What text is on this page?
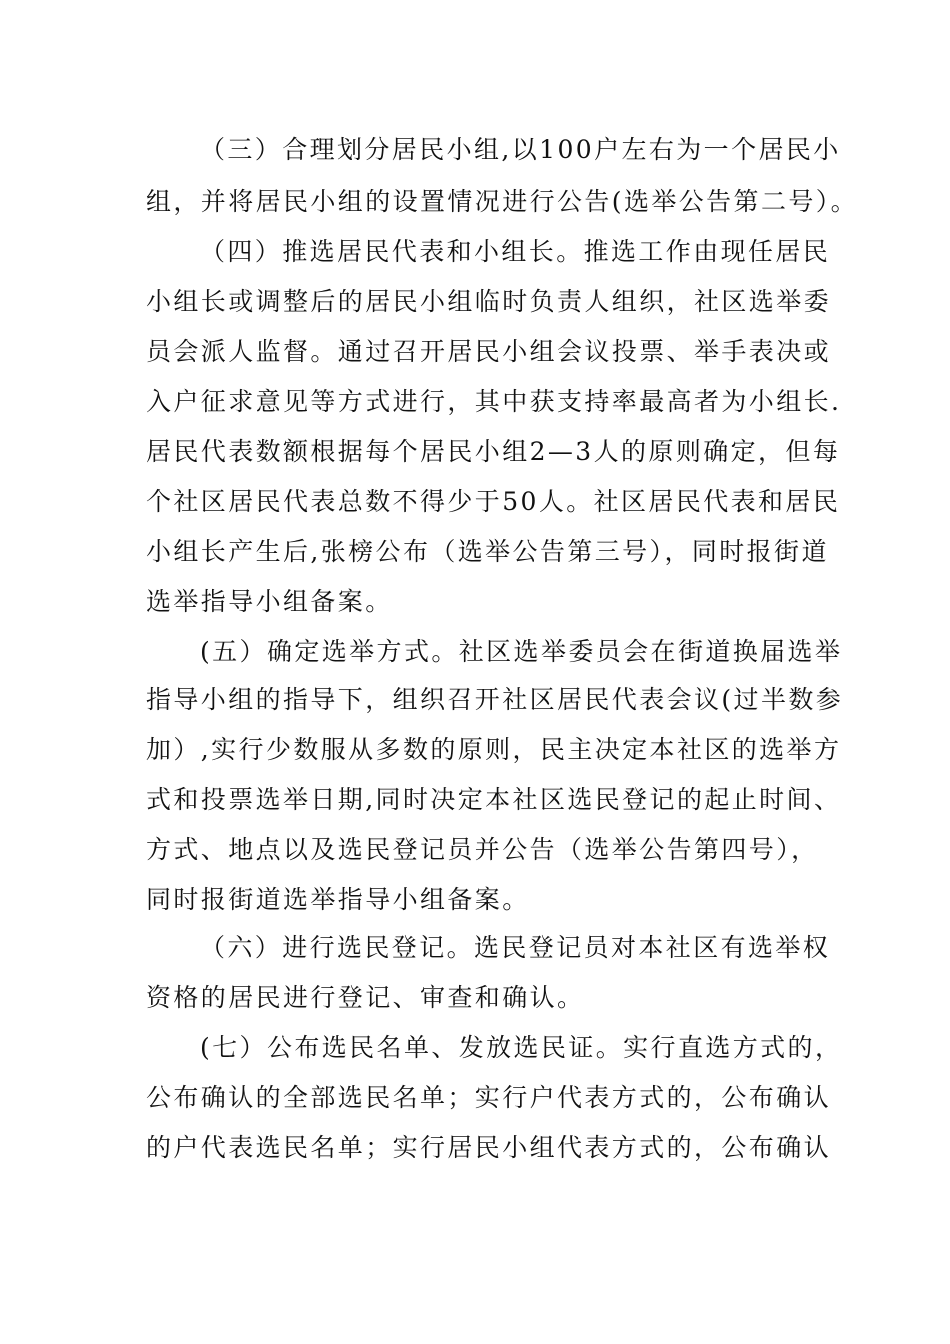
（三）合理划分居民小组,以100户左右为一个居民小
组，并将居民小组的设置情况进行公告(选举公告第二号）。
（四）推选居民代表和小组长。推选工作由现任居民
小组长或调整后的居民小组临时负责人组织，社区选举委
员会派人监督。通过召开居民小组会议投票、举手表决或
入户征求意见等方式进行，其中获支持率最高者为小组长.
居民代表数额根据每个居民小组2—3人的原则确定，但每
个社区居民代表总数不得少于50人。社区居民代表和居民
小组长产生后,张榜公布（选举公告第三号），同时报街道
选举指导小组备案。
(五）确定选举方式。社区选举委员会在街道换届选举
指导小组的指导下，组织召开社区居民代表会议(过半数参
加）,实行少数服从多数的原则，民主决定本社区的选举方
式和投票选举日期,同时决定本社区选民登记的起止时间、
方式、地点以及选民登记员并公告（选举公告第四号），
同时报街道选举指导小组备案。
（六）进行选民登记。选民登记员对本社区有选举权
资格的居民进行登记、审查和确认。
(七）公布选民名单、发放选民证。实行直选方式的，
公布确认的全部选民名单；实行户代表方式的，公布确认
的户代表选民名单；实行居民小组代表方式的，公布确认
